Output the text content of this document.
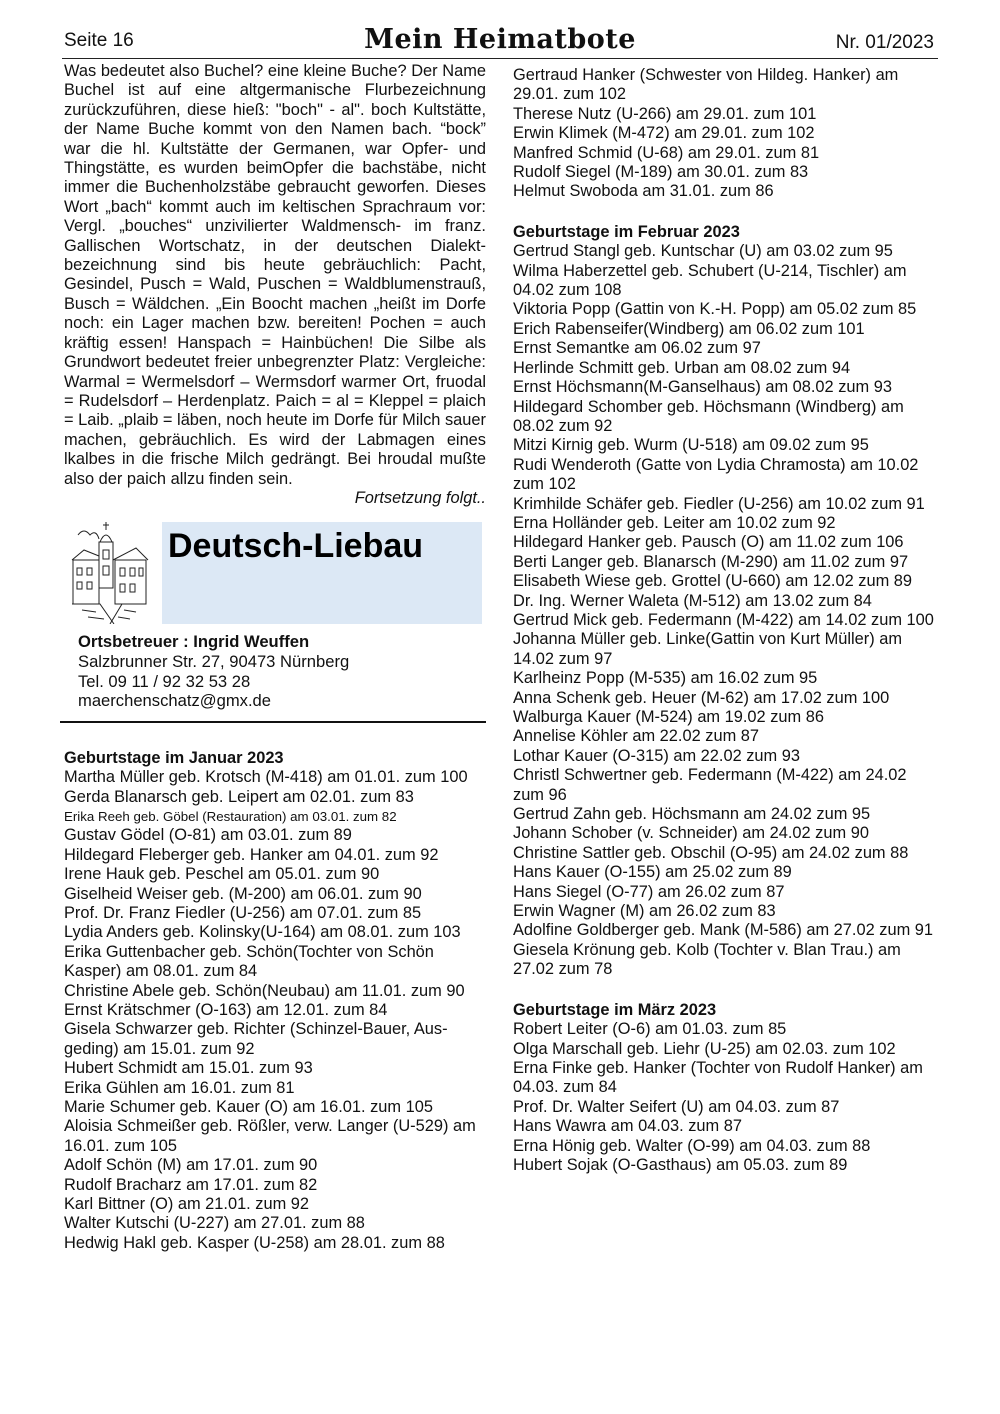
Seite 16	Mein Heimatbote	Nr. 01/2023

Was bedeutet also Buchel? eine kleine Buche? Der Name Buchel ist auf eine altgermanische Flurbezeichnung zurückzuführen, diese hieß: "boch" - al". boch Kultstätte, der Name Buche kommt von den Namen bach. “bock” war die hl. Kultstätte der Germanen, war Opfer- und Thingstätte, es wurden beimOpfer die bachstäbe, nicht immer die Buchenholzstäbe gebraucht geworfen. Dieses Wort „bach“ kommt auch im keltischen Sprachraum vor: Vergl. „bouches“ unzivilierter Waldmensch- im franz. Gallischen Wortschatz, in der deutschen Dialekt-bezeichnung sind bis heute gebräuchlich: Pacht, Gesindel, Pusch = Wald, Puschen = Waldblumenstrauß, Busch = Wäldchen. „Ein Boocht machen „heißt im Dorfe noch: ein Lager machen bzw. bereiten! Pochen = auch kräftig essen! Hanspach = Hainbüchen! Die Silbe als Grundwort bedeutet freier unbegrenzter Platz: Vergleiche: Warmal = Wermelsdorf – Wermsdorf warmer Ort, fruodal = Rudelsdorf – Herdenplatz. Paich = al = Kleppel = plaich = Laib. „plaib = läben, noch heute im Dorfe für Milch sauer machen, gebräuchlich. Es wird der Labmagen eines lkalbes in die frische Milch gedrängt. Bei hroudal mußte also der paich allzu finden sein.

Fortsetzung folgt..

Deutsch-Liebau
Ortsbetreuer : Ingrid Weuffen
Salzbrunner Str. 27, 90473 Nürnberg
Tel. 09 11 / 92 32 53 28
maerchenschatz@gmx.de
Geburtstage im Januar 2023
Martha Müller geb. Krotsch (M-418) am 01.01. zum 100
Gerda Blanarsch geb. Leipert am 02.01. zum 83
Erika Reeh geb. Göbel (Restauration) am 03.01. zum 82
Gustav Gödel (O-81) am 03.01. zum 89
Hildegard Fleberger geb. Hanker am 04.01. zum 92
Irene Hauk geb. Peschel am 05.01. zum 90
Giselheid Weiser geb. (M-200) am 06.01. zum 90
Prof. Dr. Franz Fiedler (U-256) am 07.01. zum 85
Lydia Anders geb. Kolinsky(U-164) am 08.01. zum 103
Erika Guttenbacher geb. Schön(Tochter von Schön Kasper) am 08.01. zum 84
Christine Abele geb. Schön(Neubau) am 11.01. zum 90
Ernst Krätschmer (O-163) am 12.01. zum 84
Gisela Schwarzer geb. Richter (Schinzel-Bauer, Aus-geding) am 15.01. zum 92
Hubert Schmidt am 15.01. zum 93
Erika Gühlen am 16.01. zum 81
Marie Schumer geb. Kauer (O) am 16.01. zum 105
Aloisia Schmeißer geb. Rößler, verw. Langer (U-529) am 16.01. zum 105
Adolf Schön (M) am 17.01. zum 90
Rudolf Bracharz am 17.01. zum 82
Karl Bittner (O) am 21.01. zum 92
Walter Kutschi (U-227) am 27.01. zum 88
Hedwig Hakl geb. Kasper (U-258) am 28.01. zum 88
Gertraud Hanker (Schwester von Hildeg. Hanker) am 29.01. zum 102
Therese Nutz (U-266) am 29.01. zum 101
Erwin Klimek (M-472) am 29.01. zum 102
Manfred Schmid (U-68) am 29.01. zum 81
Rudolf Siegel (M-189) am 30.01. zum 83
Helmut Swoboda am 31.01. zum 86
Geburtstage im Februar 2023
Gertrud Stangl geb. Kuntschar (U) am 03.02 zum 95
Wilma Haberzettel geb. Schubert (U-214, Tischler) am 04.02 zum 108
Viktoria Popp (Gattin von K.-H. Popp) am 05.02 zum 85
Erich Rabenseifer(Windberg) am 06.02 zum 101
Ernst Semantke am 06.02 zum 97
Herlinde Schmitt geb. Urban am 08.02 zum 94
Ernst Höchsmann(M-Ganselhaus) am 08.02 zum 93
Hildegard Schomber geb. Höchsmann (Windberg) am 08.02 zum 92
Mitzi Kirnig geb. Wurm (U-518) am 09.02 zum 95
Rudi Wenderoth (Gatte von Lydia Chramosta) am 10.02 zum 102
Krimhilde Schäfer geb. Fiedler (U-256) am 10.02 zum 91
Erna Holländer geb. Leiter am 10.02 zum 92
Hildegard Hanker geb. Pausch (O) am 11.02 zum 106
Berti Langer geb. Blanarsch (M-290) am 11.02 zum 97
Elisabeth Wiese geb. Grottel (U-660) am 12.02 zum 89
Dr. Ing. Werner Waleta (M-512) am 13.02 zum 84
Gertrud Mick geb. Federmann (M-422) am 14.02 zum 100
Johanna Müller geb. Linke(Gattin von Kurt Müller) am 14.02 zum 97
Karlheinz Popp (M-535) am 16.02 zum 95
Anna Schenk geb. Heuer (M-62) am 17.02 zum 100
Walburga Kauer (M-524) am 19.02 zum 86
Annelise Köhler am 22.02 zum 87
Lothar Kauer (O-315) am 22.02 zum 93
Christl Schwertner geb. Federmann (M-422) am 24.02 zum 96
Gertrud Zahn geb. Höchsmann am 24.02 zum 95
Johann Schober (v. Schneider) am 24.02 zum 90
Christine Sattler geb. Obschil (O-95) am 24.02 zum 88
Hans Kauer (O-155) am 25.02 zum 89
Hans Siegel (O-77) am 26.02 zum 87
Erwin Wagner (M) am 26.02 zum 83
Adolfine Goldberger geb. Mank (M-586) am 27.02 zum 91
Giesela Krönung geb. Kolb (Tochter v. Blan Trau.) am 27.02 zum 78
Geburtstage im März 2023
Robert Leiter (O-6) am 01.03. zum 85
Olga Marschall geb. Liehr (U-25) am 02.03. zum 102
Erna Finke geb. Hanker (Tochter von Rudolf Hanker) am 04.03. zum 84
Prof. Dr. Walter Seifert (U) am 04.03. zum 87
Hans Wawra am 04.03. zum 87
Erna Hönig geb. Walter (O-99) am 04.03. zum 88
Hubert Sojak (O-Gasthaus) am 05.03. zum 89
